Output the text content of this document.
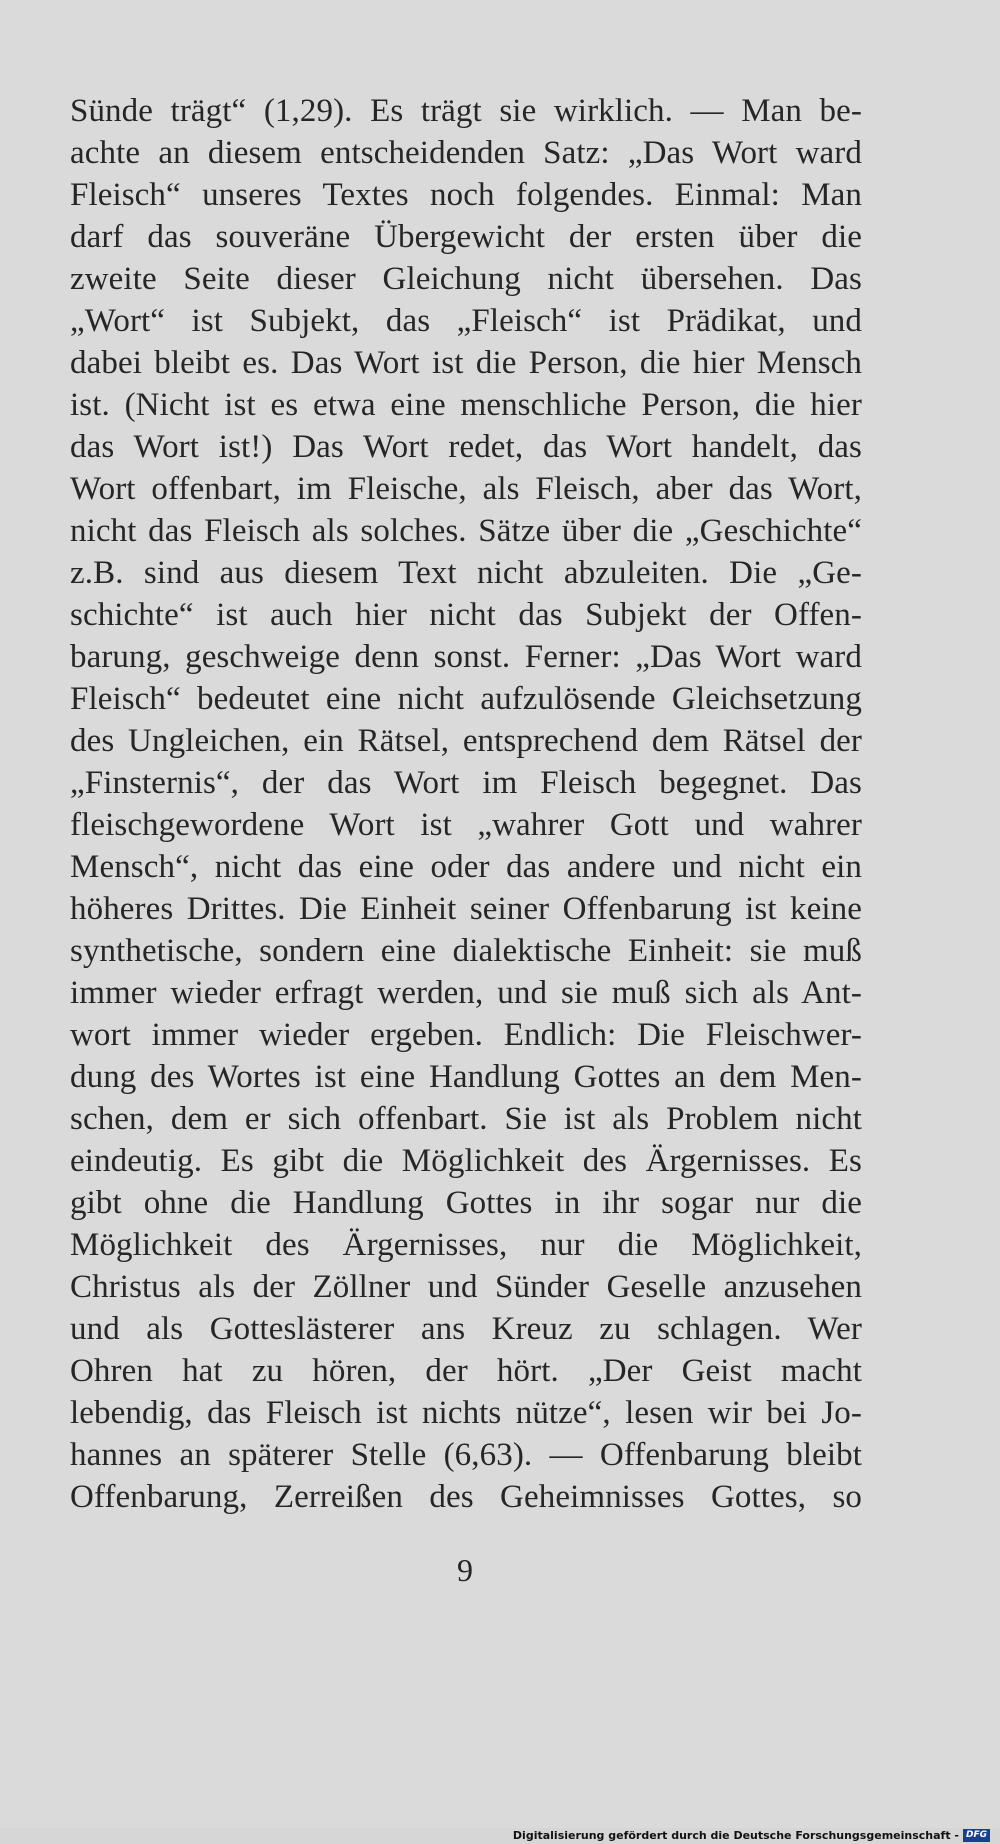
Sünde trägt“ (1,29). Es trägt sie wirklich. — Man be-
achte an diesem entscheidenden Satz: „Das Wort ward
Fleisch“ unseres Textes noch folgendes. Einmal: Man
darf das souveräne Übergewicht der ersten über die
zweite Seite dieser Gleichung nicht übersehen. Das
„Wort“ ist Subjekt, das „Fleisch“ ist Prädikat, und
dabei bleibt es. Das Wort ist die Person, die hier Mensch
ist. (Nicht ist es etwa eine menschliche Person, die hier
das Wort ist!) Das Wort redet, das Wort handelt, das
Wort offenbart, im Fleische, als Fleisch, aber das Wort,
nicht das Fleisch als solches. Sätze über die „Geschichte“
z.B. sind aus diesem Text nicht abzuleiten. Die „Ge-
schichte“ ist auch hier nicht das Subjekt der Offen-
barung, geschweige denn sonst. Ferner: „Das Wort ward
Fleisch“ bedeutet eine nicht aufzulösende Gleichsetzung
des Ungleichen, ein Rätsel, entsprechend dem Rätsel der
„Finsternis“, der das Wort im Fleisch begegnet. Das
fleischgewordene Wort ist „wahrer Gott und wahrer
Mensch“, nicht das eine oder das andere und nicht ein
höheres Drittes. Die Einheit seiner Offenbarung ist keine
synthetische, sondern eine dialektische Einheit: sie muß
immer wieder erfragt werden, und sie muß sich als Ant-
wort immer wieder ergeben. Endlich: Die Fleischwer-
dung des Wortes ist eine Handlung Gottes an dem Men-
schen, dem er sich offenbart. Sie ist als Problem nicht
eindeutig. Es gibt die Möglichkeit des Ärgernisses. Es
gibt ohne die Handlung Gottes in ihr sogar nur die
Möglichkeit des Ärgernisses, nur die Möglichkeit,
Christus als der Zöllner und Sünder Geselle anzusehen
und als Gotteslästerer ans Kreuz zu schlagen. Wer
Ohren hat zu hören, der hört. „Der Geist macht
lebendig, das Fleisch ist nichts nütze“, lesen wir bei Jo-
hannes an späterer Stelle (6,63). — Offenbarung bleibt
Offenbarung, Zerreißen des Geheimnisses Gottes, so
9
Digitalisierung gefördert durch die Deutsche Forschungsgemeinschaft - DFG
